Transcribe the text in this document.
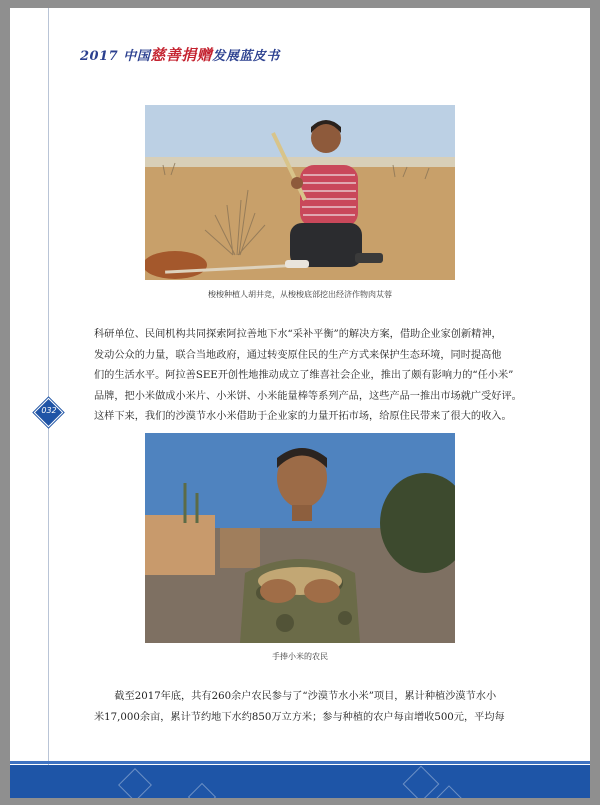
2017 中国慈善捐赠发展蓝皮书
梭梭种植人胡井竞，从梭梭底部挖出经济作物肉苁蓉
科研单位、民间机构共同探索阿拉善地下水“采补平衡”的解决方案，借助企业家创新精神，
发动公众的力量，联合当地政府，通过转变原住民的生产方式来保护生态环境，同时提高他
们的生活水平。阿拉善SEE开创性地推动成立了维喜社会企业，推出了颇有影响力的“任小米”
品牌，把小米做成小米片、小米饼、小米能量棒等系列产品，这些产品一推出市场就广受好评。
这样下来，我们的沙漠节水小米借助于企业家的力量开拓市场，给原住民带来了很大的收入。
032
手捧小米的农民
　　截至2017年底，共有260余户农民参与了“沙漠节水小米”项目，累计种植沙漠节水小
米17,000余亩，累计节约地下水约850万立方米；参与种植的农户每亩增收500元，平均每
